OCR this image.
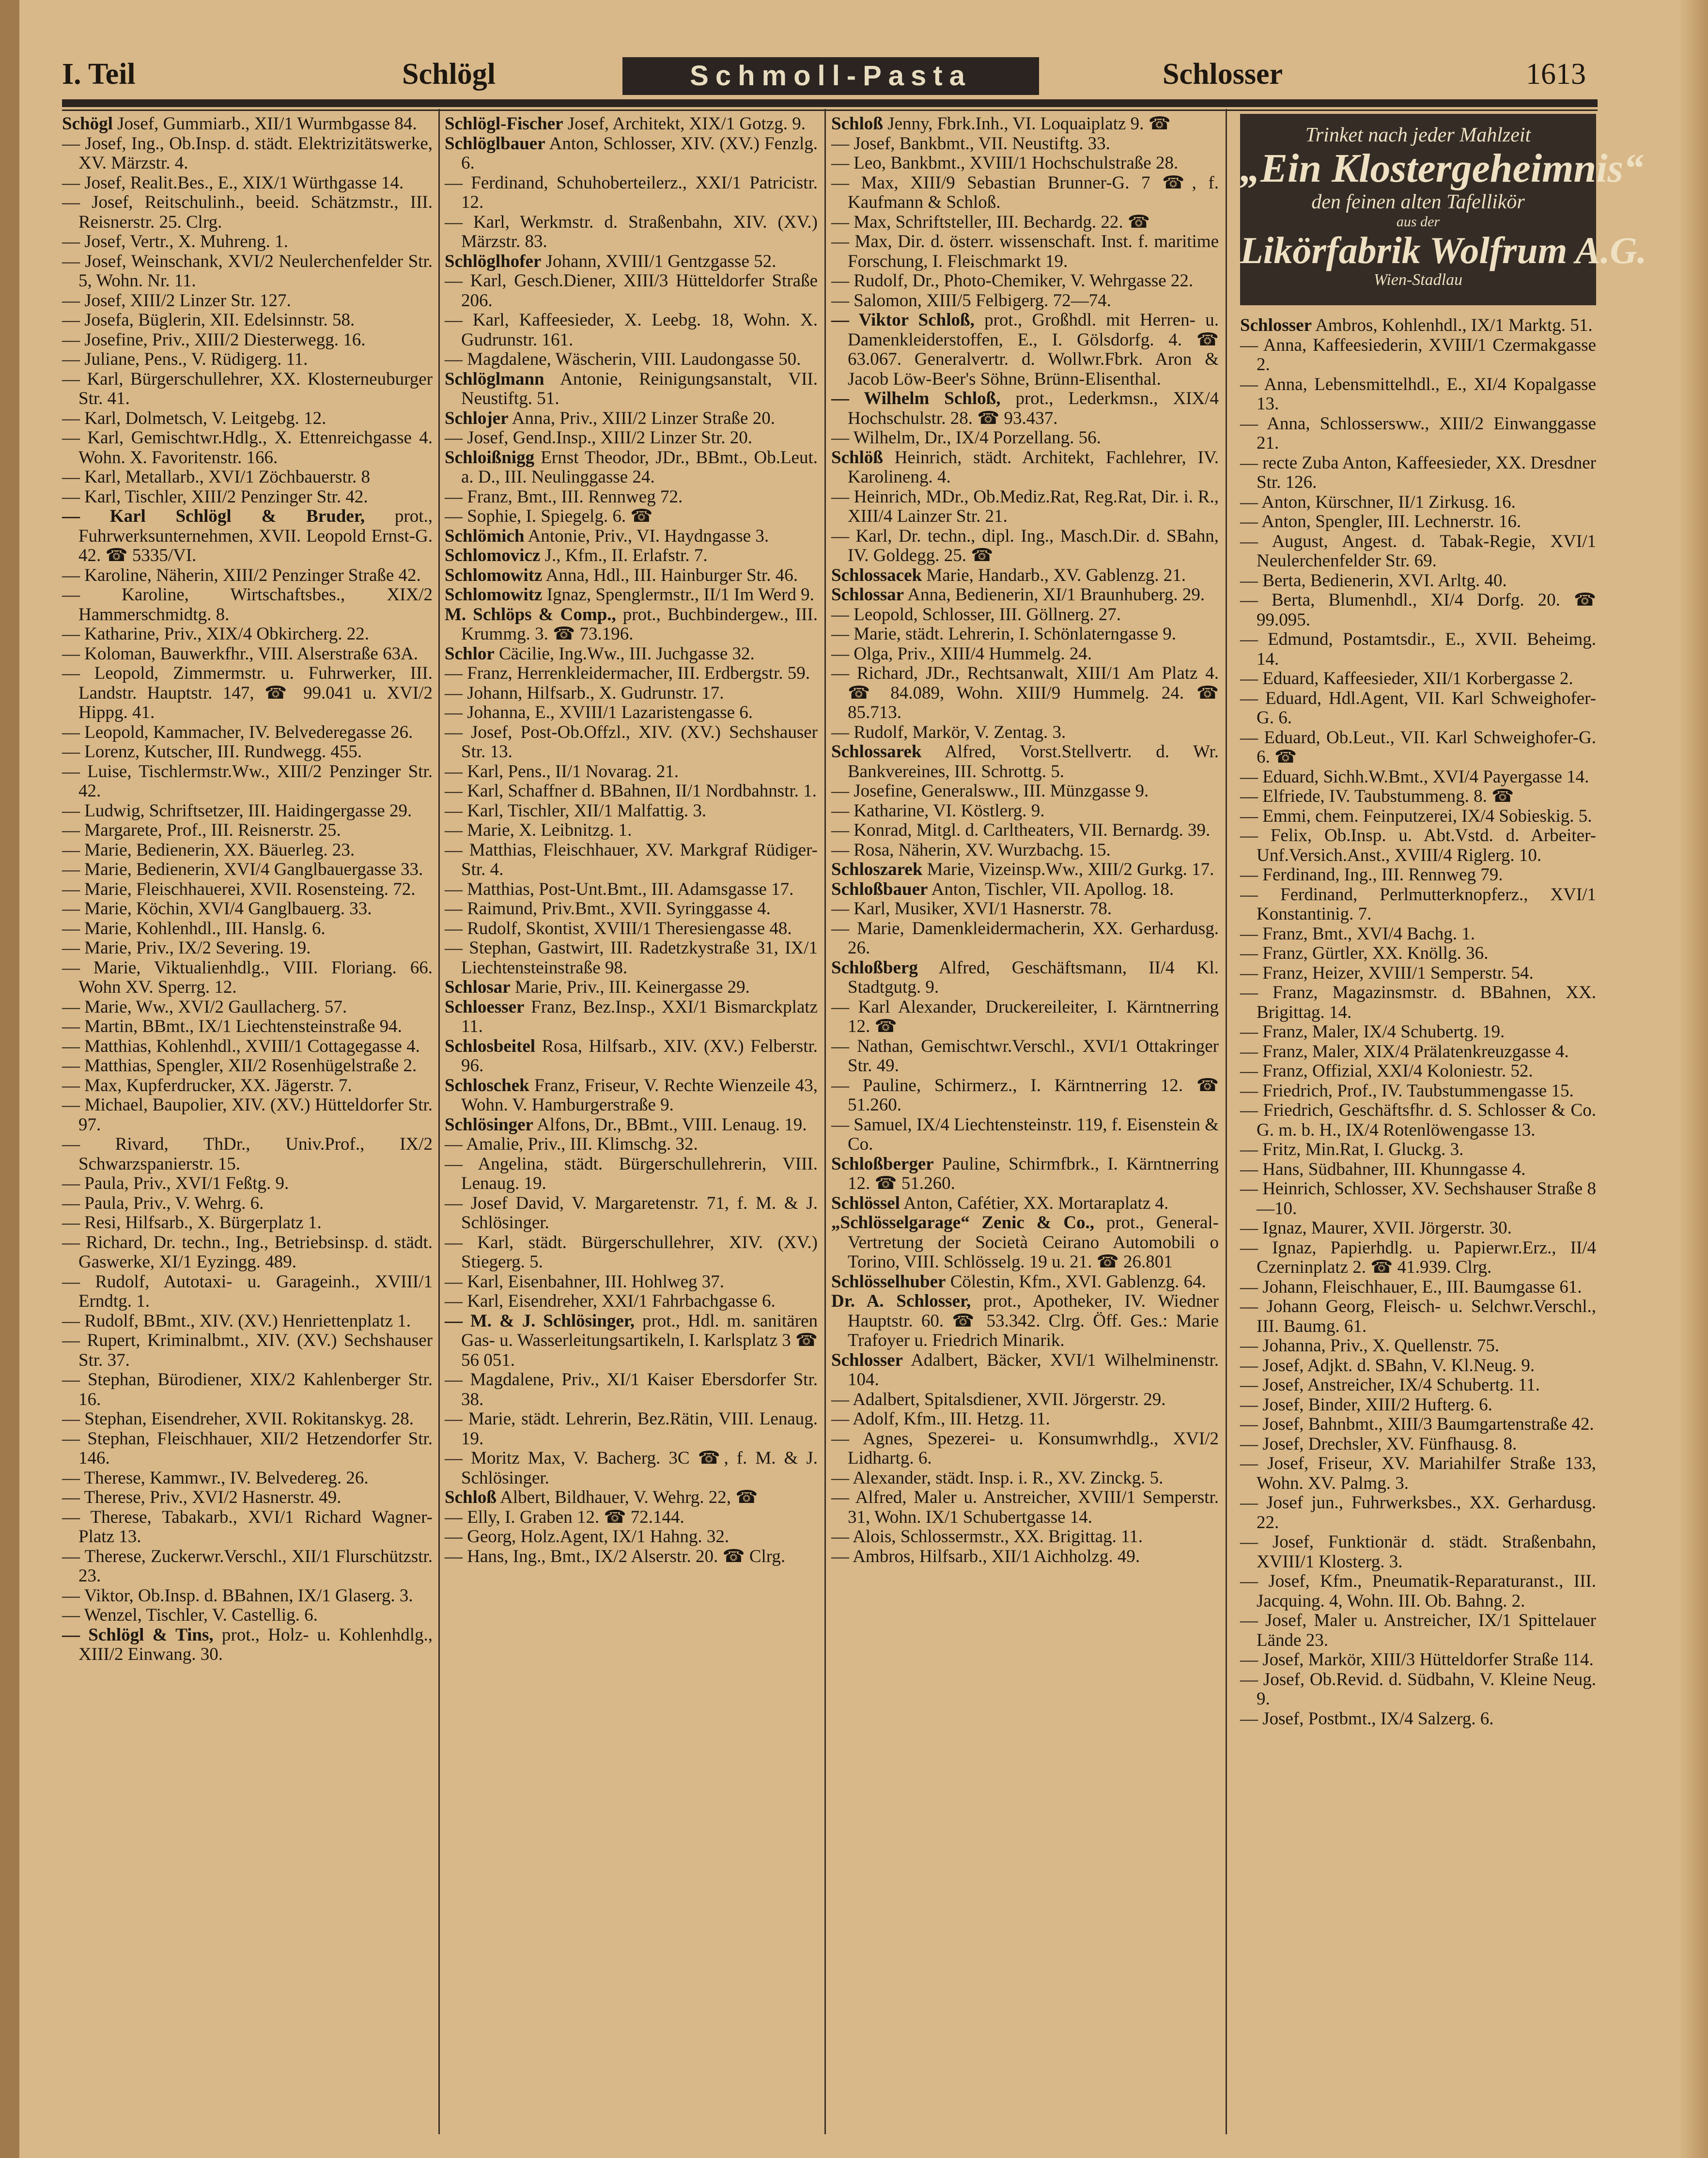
I. Teil	Schlögl	Schmoll-Pasta	Schlosser	1613
Trinket nach jeder Mahlzeit
„Ein Klostergeheimnis“
den feinen alten Tafellikör
aus der
Likörfabrik Wolfrum A.G.
Wien-Stadlau

Schögl Josef, Gummiarb., XII/1 Wurmbgasse 84.

— Josef, Ing., Ob.Insp. d. städt. Elektrizitätswerke, XV. Märzstr. 4.

— Josef, Realit.Bes., E., XIX/1 Würthgasse 14.

— Josef, Reitschulinh., beeid. Schätzmstr., III. Reisnerstr. 25. Clrg.

— Josef, Vertr., X. Muhreng. 1.

— Josef, Weinschank, XVI/2 Neulerchenfelder Str. 5, Wohn. Nr. 11.

— Josef, XIII/2 Linzer Str. 127.

— Josefa, Büglerin, XII. Edelsinnstr. 58.

— Josefine, Priv., XIII/2 Diesterwegg. 16.

— Juliane, Pens., V. Rüdigerg. 11.

— Karl, Bürgerschullehrer, XX. Klosterneuburger Str. 41.

— Karl, Dolmetsch, V. Leitgebg. 12.

— Karl, Gemischtwr.Hdlg., X. Ettenreichgasse 4. Wohn. X. Favoritenstr. 166.

— Karl, Metallarb., XVI/1 Zöchbauerstr. 8

— Karl, Tischler, XIII/2 Penzinger Str. 42.

— Karl Schlögl & Bruder, prot., Fuhrwerksunternehmen, XVII. Leopold Ernst-G. 42. ☎ 5335/VI.

— Karoline, Näherin, XIII/2 Penzinger Straße 42.

— Karoline, Wirtschaftsbes., XIX/2 Hammerschmidtg. 8.

— Katharine, Priv., XIX/4 Obkircherg. 22.

— Koloman, Bauwerkfhr., VIII. Alserstraße 63A.

— Leopold, Zimmermstr. u. Fuhrwerker, III. Landstr. Hauptstr. 147, ☎ 99.041 u. XVI/2 Hippg. 41.

— Leopold, Kammacher, IV. Belvederegasse 26.

— Lorenz, Kutscher, III. Rundwegg. 455.

— Luise, Tischlermstr.Ww., XIII/2 Penzinger Str. 42.

— Ludwig, Schriftsetzer, III. Haidingergasse 29.

— Margarete, Prof., III. Reisnerstr. 25.

— Marie, Bedienerin, XX. Bäuerleg. 23.

— Marie, Bedienerin, XVI/4 Ganglbauergasse 33.

— Marie, Fleischhauerei, XVII. Rosensteing. 72.

— Marie, Köchin, XVI/4 Ganglbauerg. 33.

— Marie, Kohlenhdl., III. Hanslg. 6.

— Marie, Priv., IX/2 Severing. 19.

— Marie, Viktualienhdlg., VIII. Floriang. 66. Wohn XV. Sperrg. 12.

— Marie, Ww., XVI/2 Gaullacherg. 57.

— Martin, BBmt., IX/1 Liechtensteinstraße 94.

— Matthias, Kohlenhdl., XVIII/1 Cottagegasse 4.

— Matthias, Spengler, XII/2 Rosenhügelstraße 2.

— Max, Kupferdrucker, XX. Jägerstr. 7.

— Michael, Baupolier, XIV. (XV.) Hütteldorfer Str. 97.

— Rivard, ThDr., Univ.Prof., IX/2 Schwarzspanierstr. 15.

— Paula, Priv., XVI/1 Feßtg. 9.

— Paula, Priv., V. Wehrg. 6.

— Resi, Hilfsarb., X. Bürgerplatz 1.

— Richard, Dr. techn., Ing., Betriebsinsp. d. städt. Gaswerke, XI/1 Eyzingg. 489.

— Rudolf, Autotaxi- u. Garageinh., XVIII/1 Erndtg. 1.

— Rudolf, BBmt., XIV. (XV.) Henriettenplatz 1.

— Rupert, Kriminalbmt., XIV. (XV.) Sechshauser Str. 37.

— Stephan, Bürodiener, XIX/2 Kahlenberger Str. 16.

— Stephan, Eisendreher, XVII. Rokitanskyg. 28.

— Stephan, Fleischhauer, XII/2 Hetzendorfer Str. 146.

— Therese, Kammwr., IV. Belvedereg. 26.

— Therese, Priv., XVI/2 Hasnerstr. 49.

— Therese, Tabakarb., XVI/1 Richard Wagner-Platz 13.

— Therese, Zuckerwr.Verschl., XII/1 Flurschützstr. 23.

— Viktor, Ob.Insp. d. BBahnen, IX/1 Glaserg. 3.

— Wenzel, Tischler, V. Castellig. 6.

— Schlögl & Tins, prot., Holz- u. Kohlenhdlg., XIII/2 Einwang. 30.

Schlögl-Fischer Josef, Architekt, XIX/1 Gotzg. 9.

Schlöglbauer Anton, Schlosser, XIV. (XV.) Fenzlg. 6.

— Ferdinand, Schuhoberteilerz., XXI/1 Patricistr. 12.

— Karl, Werkmstr. d. Straßenbahn, XIV. (XV.) Märzstr. 83.

Schlöglhofer Johann, XVIII/1 Gentzgasse 52.

— Karl, Gesch.Diener, XIII/3 Hütteldorfer Straße 206.

— Karl, Kaffeesieder, X. Leebg. 18, Wohn. X. Gudrunstr. 161.

— Magdalene, Wäscherin, VIII. Laudongasse 50.

Schlöglmann Antonie, Reinigungsanstalt, VII. Neustiftg. 51.

Schlojer Anna, Priv., XIII/2 Linzer Straße 20.

— Josef, Gend.Insp., XIII/2 Linzer Str. 20.

Schloißnigg Ernst Theodor, JDr., BBmt., Ob.Leut. a. D., III. Neulinggasse 24.

— Franz, Bmt., III. Rennweg 72.

— Sophie, I. Spiegelg. 6. ☎

Schlömich Antonie, Priv., VI. Haydngasse 3.

Schlomovicz J., Kfm., II. Erlafstr. 7.

Schlomowitz Anna, Hdl., III. Hainburger Str. 46.

Schlomowitz Ignaz, Spenglermstr., II/1 Im Werd 9.

M. Schlöps & Comp., prot., Buchbindergew., III. Krummg. 3. ☎ 73.196.

Schlor Cäcilie, Ing.Ww., III. Juchgasse 32.

— Franz, Herrenkleidermacher, III. Erdbergstr. 59.

— Johann, Hilfsarb., X. Gudrunstr. 17.

— Johanna, E., XVIII/1 Lazaristengasse 6.

— Josef, Post-Ob.Offzl., XIV. (XV.) Sechshauser Str. 13.

— Karl, Pens., II/1 Novarag. 21.

— Karl, Schaffner d. BBahnen, II/1 Nordbahnstr. 1.

— Karl, Tischler, XII/1 Malfattig. 3.

— Marie, X. Leibnitzg. 1.

— Matthias, Fleischhauer, XV. Markgraf Rüdiger-Str. 4.

— Matthias, Post-Unt.Bmt., III. Adamsgasse 17.

— Raimund, Priv.Bmt., XVII. Syringgasse 4.

— Rudolf, Skontist, XVIII/1 Theresiengasse 48.

— Stephan, Gastwirt, III. Radetzkystraße 31, IX/1 Liechtensteinstraße 98.

Schlosar Marie, Priv., III. Keinergasse 29.

Schloesser Franz, Bez.Insp., XXI/1 Bismarckplatz 11.

Schlosbeitel Rosa, Hilfsarb., XIV. (XV.) Felberstr. 96.

Schloschek Franz, Friseur, V. Rechte Wienzeile 43, Wohn. V. Hamburgerstraße 9.

Schlösinger Alfons, Dr., BBmt., VIII. Lenaug. 19.

— Amalie, Priv., III. Klimschg. 32.

— Angelina, städt. Bürgerschullehrerin, VIII. Lenaug. 19.

— Josef David, V. Margaretenstr. 71, f. M. & J. Schlösinger.

— Karl, städt. Bürgerschullehrer, XIV. (XV.) Stiegerg. 5.

— Karl, Eisenbahner, III. Hohlweg 37.

— Karl, Eisendreher, XXI/1 Fahrbachgasse 6.

— M. & J. Schlösinger, prot., Hdl. m. sanitären Gas- u. Wasserleitungsartikeln, I. Karlsplatz 3 ☎ 56 051.

— Magdalene, Priv., XI/1 Kaiser Ebersdorfer Str. 38.

— Marie, städt. Lehrerin, Bez.Rätin, VIII. Lenaug. 19.

— Moritz Max, V. Bacherg. 3C ☎, f. M. & J. Schlösinger.

Schloß Albert, Bildhauer, V. Wehrg. 22, ☎

— Elly, I. Graben 12. ☎ 72.144.

— Georg, Holz.Agent, IX/1 Hahng. 32.

— Hans, Ing., Bmt., IX/2 Alserstr. 20. ☎ Clrg.

Schloß Jenny, Fbrk.Inh., VI. Loquaiplatz 9. ☎

— Josef, Bankbmt., VII. Neustiftg. 33.

— Leo, Bankbmt., XVIII/1 Hochschulstraße 28.

— Max, XIII/9 Sebastian Brunner-G. 7 ☎, f. Kaufmann & Schloß.

— Max, Schriftsteller, III. Bechardg. 22. ☎

— Max, Dir. d. österr. wissenschaft. Inst. f. maritime Forschung, I. Fleischmarkt 19.

— Rudolf, Dr., Photo-Chemiker, V. Wehrgasse 22.

— Salomon, XIII/5 Felbigerg. 72—74.

— Viktor Schloß, prot., Großhdl. mit Herren- u. Damenkleiderstoffen, E., I. Gölsdorfg. 4. ☎ 63.067. Generalvertr. d. Wollwr.Fbrk. Aron & Jacob Löw-Beer's Söhne, Brünn-Elisenthal.

— Wilhelm Schloß, prot., Lederkmsn., XIX/4 Hochschulstr. 28. ☎ 93.437.

— Wilhelm, Dr., IX/4 Porzellang. 56.

Schlöß Heinrich, städt. Architekt, Fachlehrer, IV. Karolineng. 4.

— Heinrich, MDr., Ob.Mediz.Rat, Reg.Rat, Dir. i. R., XIII/4 Lainzer Str. 21.

— Karl, Dr. techn., dipl. Ing., Masch.Dir. d. SBahn, IV. Goldegg. 25. ☎

Schlossacek Marie, Handarb., XV. Gablenzg. 21.

Schlossar Anna, Bedienerin, XI/1 Braunhuberg. 29.

— Leopold, Schlosser, III. Göllnerg. 27.

— Marie, städt. Lehrerin, I. Schönlaterngasse 9.

— Olga, Priv., XIII/4 Hummelg. 24.

— Richard, JDr., Rechtsanwalt, XIII/1 Am Platz 4. ☎ 84.089, Wohn. XIII/9 Hummelg. 24. ☎ 85.713.

— Rudolf, Markör, V. Zentag. 3.

Schlossarek Alfred, Vorst.Stellvertr. d. Wr. Bankvereines, III. Schrottg. 5.

— Josefine, Generalsww., III. Münzgasse 9.

— Katharine, VI. Köstlerg. 9.

— Konrad, Mitgl. d. Carltheaters, VII. Bernardg. 39.

— Rosa, Näherin, XV. Wurzbachg. 15.

Schloszarek Marie, Vizeinsp.Ww., XIII/2 Gurkg. 17.

Schloßbauer Anton, Tischler, VII. Apollog. 18.

— Karl, Musiker, XVI/1 Hasnerstr. 78.

— Marie, Damenkleidermacherin, XX. Gerhardusg. 26.

Schloßberg Alfred, Geschäftsmann, II/4 Kl. Stadtgutg. 9.

— Karl Alexander, Druckereileiter, I. Kärntnerring 12. ☎

— Nathan, Gemischtwr.Verschl., XVI/1 Ottakringer Str. 49.

— Pauline, Schirmerz., I. Kärntnerring 12. ☎ 51.260.

— Samuel, IX/4 Liechtensteinstr. 119, f. Eisenstein & Co.

Schloßberger Pauline, Schirmfbrk., I. Kärntnerring 12. ☎ 51.260.

Schlössel Anton, Cafétier, XX. Mortaraplatz 4.

„Schlösselgarage“ Zenic & Co., prot., General-Vertretung der Società Ceirano Automobili o Torino, VIII. Schlösselg. 19 u. 21. ☎ 26.801

Schlösselhuber Cölestin, Kfm., XVI. Gablenzg. 64.

Dr. A. Schlosser, prot., Apotheker, IV. Wiedner Hauptstr. 60. ☎ 53.342. Clrg. Öff. Ges.: Marie Trafoyer u. Friedrich Minarik.

Schlosser Adalbert, Bäcker, XVI/1 Wilhelminenstr. 104.

— Adalbert, Spitalsdiener, XVII. Jörgerstr. 29.

— Adolf, Kfm., III. Hetzg. 11.

— Agnes, Spezerei- u. Konsumwrhdlg., XVI/2 Lidhartg. 6.

— Alexander, städt. Insp. i. R., XV. Zinckg. 5.

— Alfred, Maler u. Anstreicher, XVIII/1 Semperstr. 31, Wohn. IX/1 Schubertgasse 14.

— Alois, Schlossermstr., XX. Brigittag. 11.

— Ambros, Hilfsarb., XII/1 Aichholzg. 49.

Schlosser Ambros, Kohlenhdl., IX/1 Marktg. 51.

— Anna, Kaffeesiederin, XVIII/1 Czermakgasse 2.

— Anna, Lebensmittelhdl., E., XI/4 Kopalgasse 13.

— Anna, Schlossersww., XIII/2 Einwanggasse 21.

— recte Zuba Anton, Kaffeesieder, XX. Dresdner Str. 126.

— Anton, Kürschner, II/1 Zirkusg. 16.

— Anton, Spengler, III. Lechnerstr. 16.

— August, Angest. d. Tabak-Regie, XVI/1 Neulerchenfelder Str. 69.

— Berta, Bedienerin, XVI. Arltg. 40.

— Berta, Blumenhdl., XI/4 Dorfg. 20. ☎ 99.095.

— Edmund, Postamtsdir., E., XVII. Beheimg. 14.

— Eduard, Kaffeesieder, XII/1 Korbergasse 2.

— Eduard, Hdl.Agent, VII. Karl Schweighofer-G. 6.

— Eduard, Ob.Leut., VII. Karl Schweighofer-G. 6. ☎

— Eduard, Sichh.W.Bmt., XVI/4 Payergasse 14.

— Elfriede, IV. Taubstummeng. 8. ☎

— Emmi, chem. Feinputzerei, IX/4 Sobieskig. 5.

— Felix, Ob.Insp. u. Abt.Vstd. d. Arbeiter-Unf.Versich.Anst., XVIII/4 Riglerg. 10.

— Ferdinand, Ing., III. Rennweg 79.

— Ferdinand, Perlmutterknopferz., XVI/1 Konstantinig. 7.

— Franz, Bmt., XVI/4 Bachg. 1.

— Franz, Gürtler, XX. Knöllg. 36.

— Franz, Heizer, XVIII/1 Semperstr. 54.

— Franz, Magazinsmstr. d. BBahnen, XX. Brigittag. 14.

— Franz, Maler, IX/4 Schubertg. 19.

— Franz, Maler, XIX/4 Prälatenkreuzgasse 4.

— Franz, Offizial, XXI/4 Koloniestr. 52.

— Friedrich, Prof., IV. Taubstummengasse 15.

— Friedrich, Geschäftsfhr. d. S. Schlosser & Co. G. m. b. H., IX/4 Rotenlöwengasse 13.

— Fritz, Min.Rat, I. Gluckg. 3.

— Hans, Südbahner, III. Khunngasse 4.

— Heinrich, Schlosser, XV. Sechshauser Straße 8—10.

— Ignaz, Maurer, XVII. Jörgerstr. 30.

— Ignaz, Papierhdlg. u. Papierwr.Erz., II/4 Czerninplatz 2. ☎ 41.939. Clrg.

— Johann, Fleischhauer, E., III. Baumgasse 61.

— Johann Georg, Fleisch- u. Selchwr.Verschl., III. Baumg. 61.

— Johanna, Priv., X. Quellenstr. 75.

— Josef, Adjkt. d. SBahn, V. Kl.Neug. 9.

— Josef, Anstreicher, IX/4 Schubertg. 11.

— Josef, Binder, XIII/2 Hufterg. 6.

— Josef, Bahnbmt., XIII/3 Baumgartenstraße 42.

— Josef, Drechsler, XV. Fünfhausg. 8.

— Josef, Friseur, XV. Mariahilfer Straße 133, Wohn. XV. Palmg. 3.

— Josef jun., Fuhrwerksbes., XX. Gerhardusg. 22.

— Josef, Funktionär d. städt. Straßenbahn, XVIII/1 Klosterg. 3.

— Josef, Kfm., Pneumatik-Reparaturanst., III. Jacquing. 4, Wohn. III. Ob. Bahng. 2.

— Josef, Maler u. Anstreicher, IX/1 Spittelauer Lände 23.

— Josef, Markör, XIII/3 Hütteldorfer Straße 114.

— Josef, Ob.Revid. d. Südbahn, V. Kleine Neug. 9.

— Josef, Postbmt., IX/4 Salzerg. 6.
